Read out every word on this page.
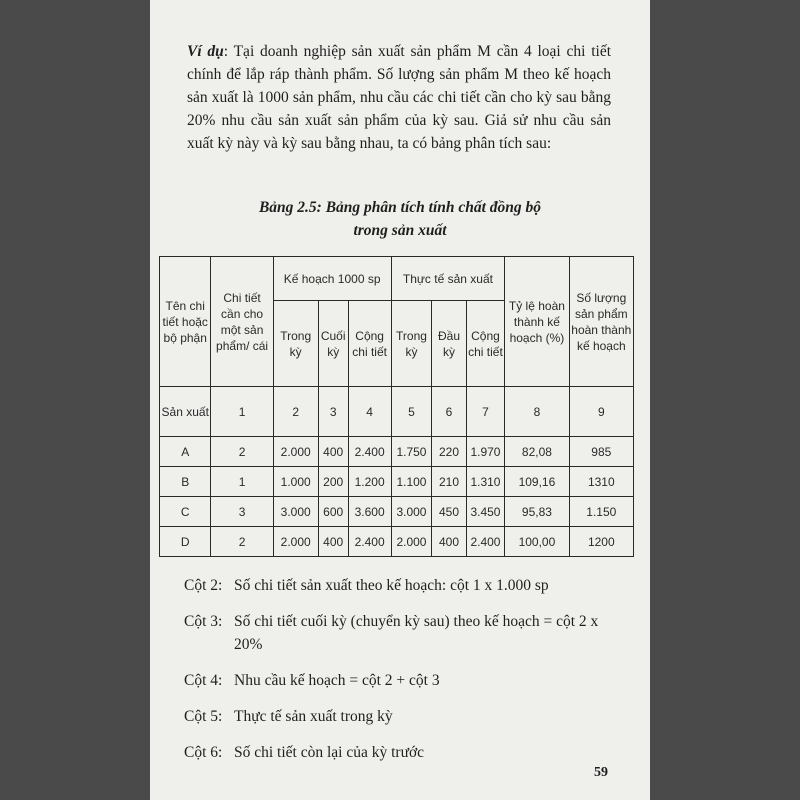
Ví dụ: Tại doanh nghiệp sản xuất sản phẩm M cần 4 loại chi tiết chính để lắp ráp thành phẩm. Số lượng sản phẩm M theo kế hoạch sản xuất là 1000 sản phẩm, nhu cầu các chi tiết cần cho kỳ sau bằng 20% nhu cầu sản xuất sản phẩm của kỳ sau. Giả sử nhu cầu sản xuất kỳ này và kỳ sau bằng nhau, ta có bảng phân tích sau:
Bảng 2.5: Bảng phân tích tính chất đồng bộ
trong sản xuất
Tên chi tiết hoặc bộ phận	Chi tiết cần cho một sản phẩm/ cái	Kế hoạch 1000 sp			Thực tế sản xuất			Tỷ lệ hoàn thành kế hoạch (%)	Số lượng sản phẩm hoàn thành kế hoạch
		Trong kỳ	Cuối kỳ	Cộng chi tiết	Trong kỳ	Đầu kỳ	Cộng chi tiết		
Sản xuất	1	2	3	4	5	6	7	8	9
A	2	2.000	400	2.400	1.750	220	1.970	82,08	985
B	1	1.000	200	1.200	1.100	210	1.310	109,16	1310
C	3	3.000	600	3.600	3.000	450	3.450	95,83	1.150
D	2	2.000	400	2.400	2.000	400	2.400	100,00	1200
Cột 2: Số chi tiết sản xuất theo kế hoạch: cột 1 x 1.000 sp
Cột 3: Số chi tiết cuối kỳ (chuyển kỳ sau) theo kế hoạch = cột 2 x 20%
Cột 4: Nhu cầu kế hoạch = cột 2 + cột 3
Cột 5: Thực tế sản xuất trong kỳ
Cột 6: Số chi tiết còn lại của kỳ trước
59
